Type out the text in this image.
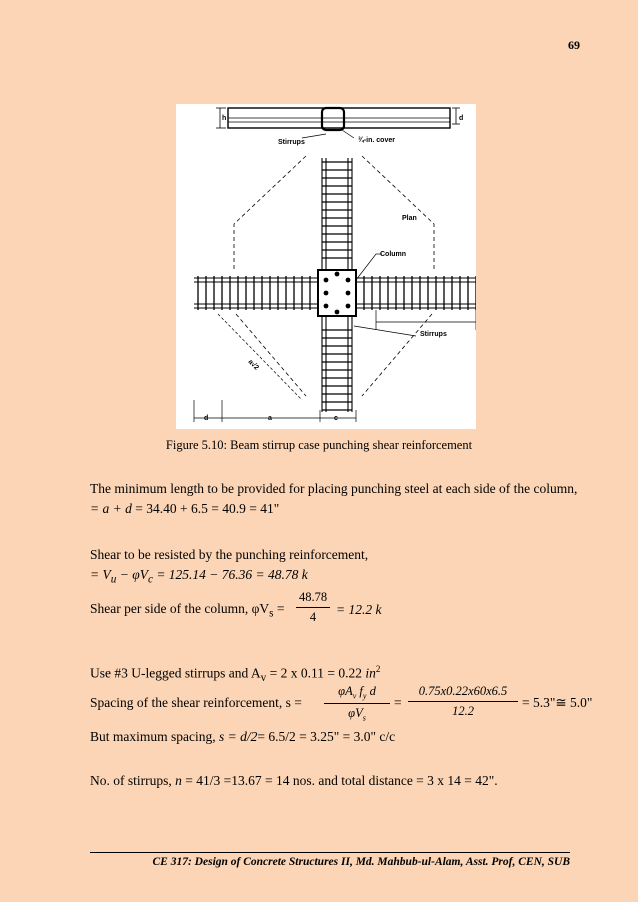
69
h	d
Stirrups	¾-in. cover
Plan
Column
Stirrups
a√2
d	a	c
Figure 5.10: Beam stirrup case punching shear reinforcement
The minimum length to be provided for placing punching steel at each side of the column,
= a + d = 34.40 + 6.5 = 40.9 = 41"
Shear to be resisted by the punching reinforcement,
= $V_u - \varphi V_c = 125.14 - 76.36 = 48.78$ k
Shear per side of the column, $\varphi V_s$ =
48.78
4	= 12.2 k
Use #3 U-legged stirrups and $A_v = 2$ x 0.11 = 0.22 $in^2$
Spacing of the shear reinforcement, s =
$\varphi A_v$ $f_y$ d
$\varphi V_s$
=
0.75x0.22x60x6.5
12.2
= 5.3"≅ 5.0"
But maximum spacing, s = d/2= 6.5/2 = 3.25" = 3.0" c/c
No. of stirrups, n = 41/3 =13.67 = 14 nos. and total distance = 3 x 14 = 42".
CE 317: Design of Concrete Structures II, Md. Mahbub-ul-Alam, Asst. Prof, CEN, SUB
